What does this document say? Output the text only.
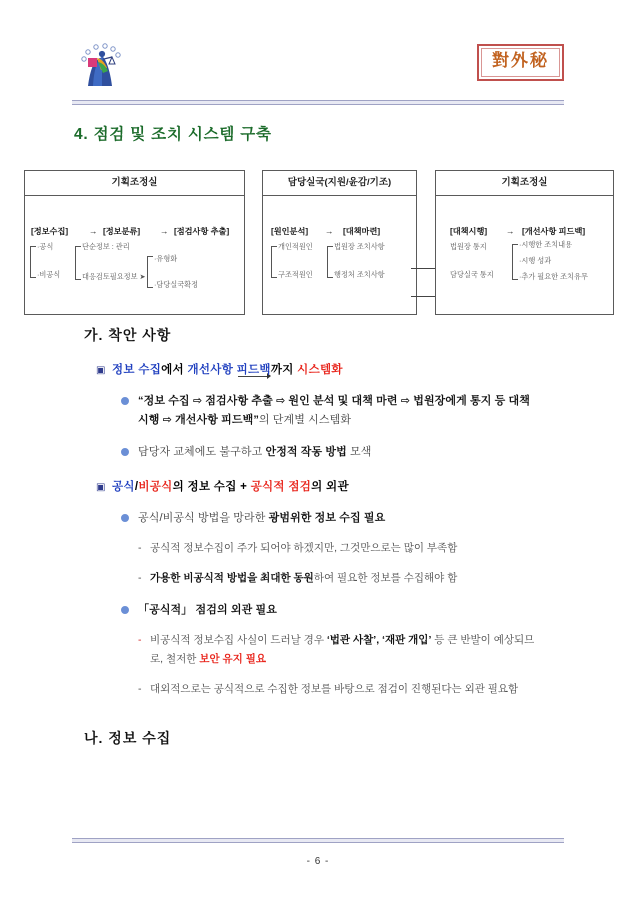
對外秘
4. 점검 및 조치 시스템 구축
기획조정실
[정보수집] → [정보분류] → [점검사항 추출]
·공식
·비공식
단순정보 : 관리
대응검토필요정보 ➤
·유형화
·담당실국확정
담당실국(지원/윤감/기조)
[원인분석] → [대책마련]
개인적원인
구조적원인
법원장 조치사항
행정처 조치사항
기획조정실
[대책시행] → [개선사항 피드백]
법원장 통지
담당실국 통지
·시행한 조치내용
·시행 성과
·추가 필요한 조치유무
가. 착안 사항
▣ 정보 수집에서 개선사항 피드백까지 시스템화
“정보 수집 ⇨ 점검사항 추출 ⇨ 원인 분석 및 대책 마련 ⇨ 법원장에게 통지 등 대책 시행 ⇨ 개선사항 피드백”의 단계별 시스템화
담당자 교체에도 불구하고 안정적 작동 방법 모색
▣ 공식/비공식의 정보 수집 + 공식적 점검의 외관
공식/비공식 방법을 망라한 광범위한 정보 수집 필요
- 공식적 정보수집이 주가 되어야 하겠지만, 그것만으로는 많이 부족함
- 가용한 비공식적 방법을 최대한 동원하여 필요한 정보를 수집해야 함
「공식적」 점검의 외관 필요
- 비공식적 정보수집 사실이 드러날 경우 ‘법관 사찰’, ‘재판 개입’ 등 큰 반발이 예상되므로, 철저한 보안 유지 필요
- 대외적으로는 공식적으로 수집한 정보를 바탕으로 점검이 진행된다는 외관 필요함
나. 정보 수집
- 6 -
